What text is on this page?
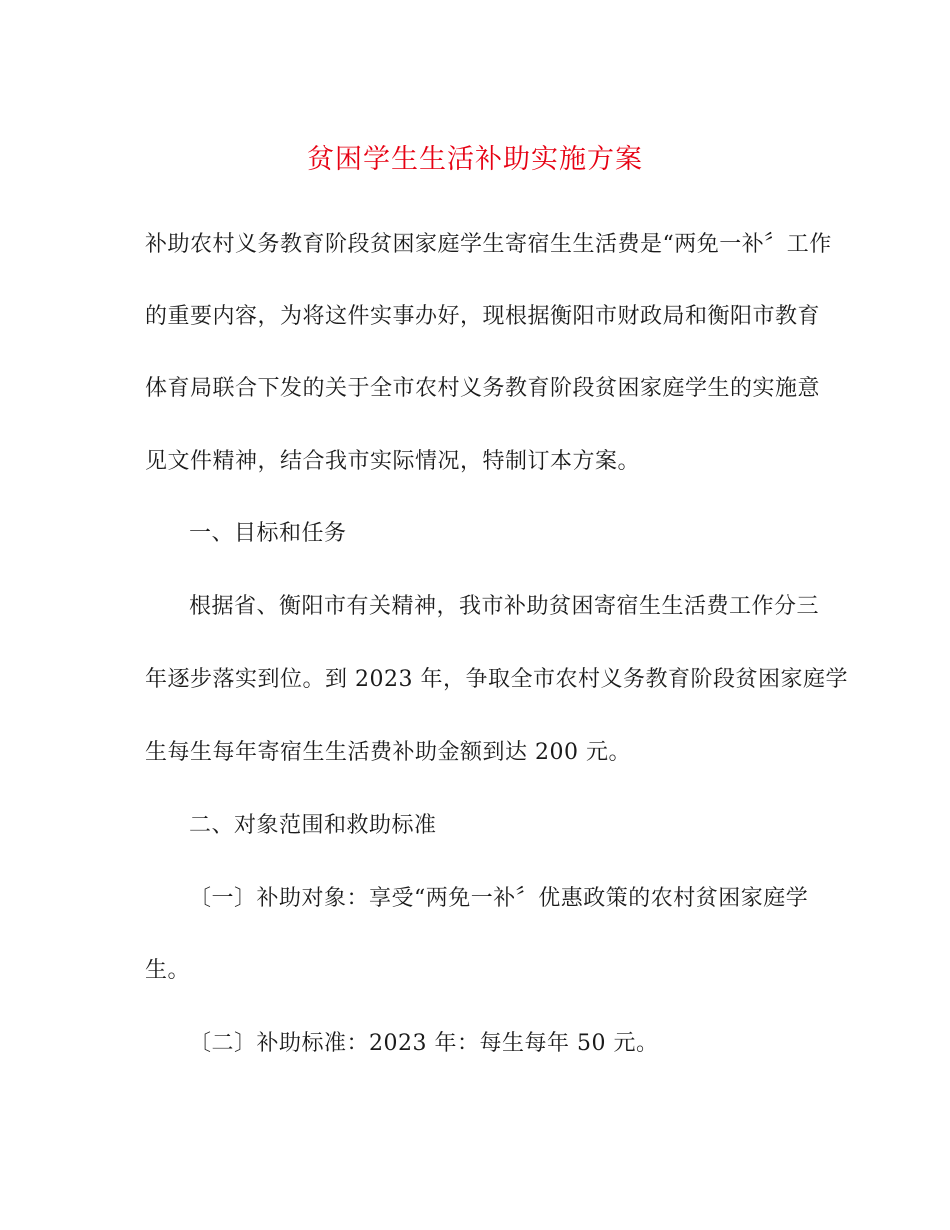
贫困学生生活补助实施方案
补助农村义务教育阶段贫困家庭学生寄宿生生活费是“两免一补〞工作
的重要内容，为将这件实事办好，现根据衡阳市财政局和衡阳市教育
体育局联合下发的关于全市农村义务教育阶段贫困家庭学生的实施意
见文件精神，结合我市实际情况，特制订本方案。
一、目标和任务
根据省、衡阳市有关精神，我市补助贫困寄宿生生活费工作分三
年逐步落实到位。到 2023 年，争取全市农村义务教育阶段贫困家庭学
生每生每年寄宿生生活费补助金额到达 200 元。
二、对象范围和救助标准
〔一〕补助对象：享受“两免一补〞优惠政策的农村贫困家庭学
生。
〔二〕补助标准：2023 年：每生每年 50 元。
